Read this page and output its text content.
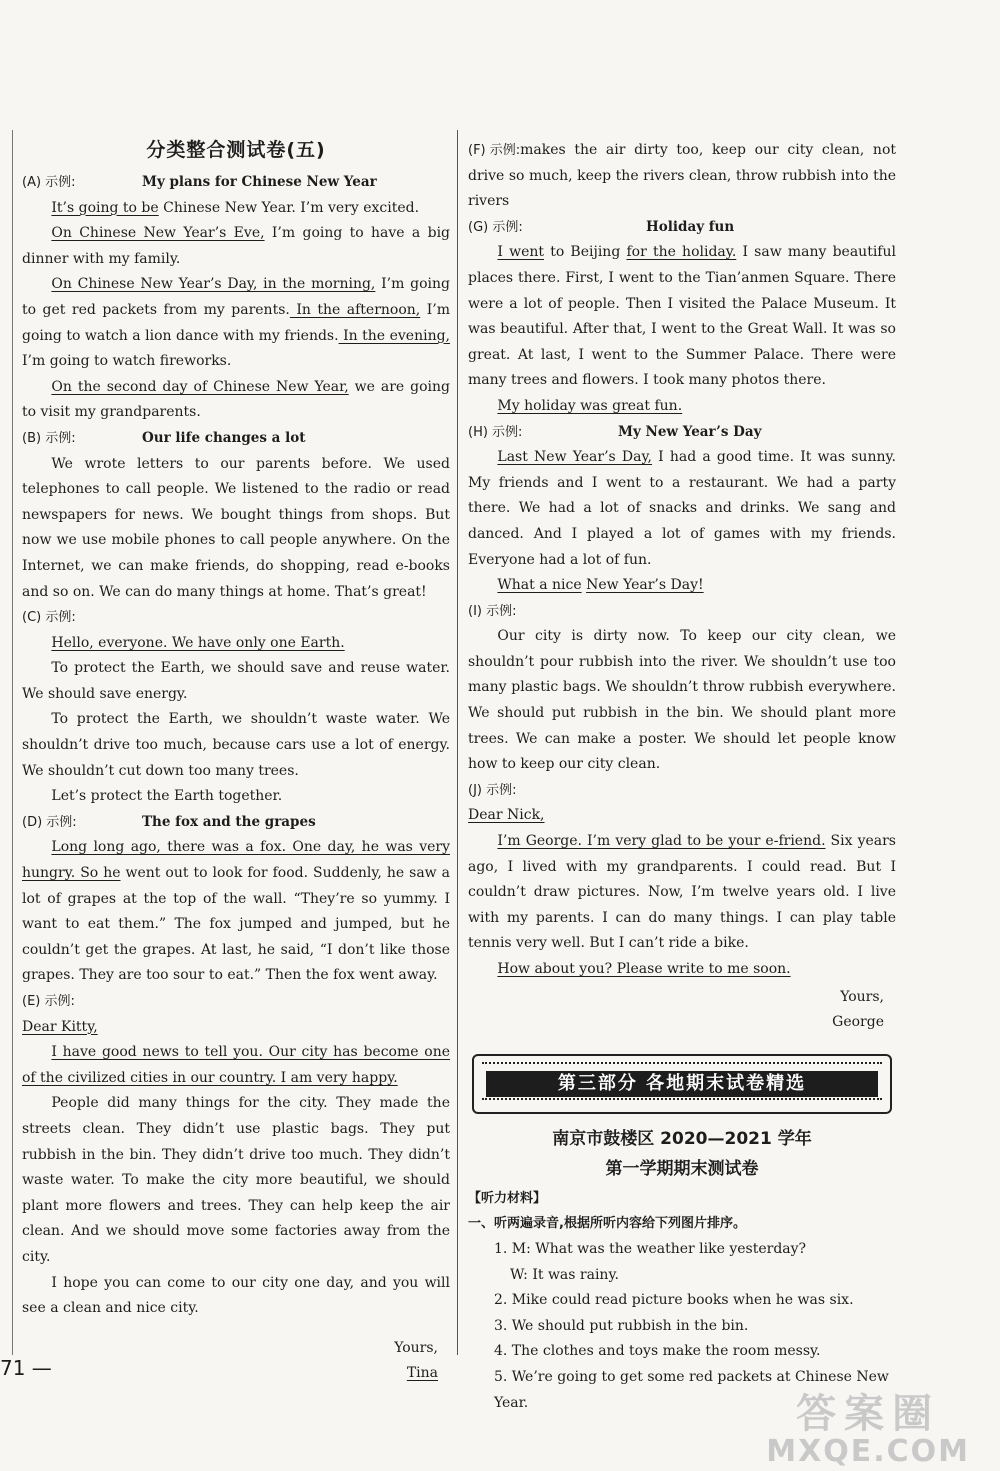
分类整合测试卷(五)
(A) 示例:	My plans for Chinese New Year

It’s going to be Chinese New Year. I’m very excited.

On Chinese New Year’s Eve, I’m going to have a big dinner with my family.

On Chinese New Year’s Day, in the morning, I’m going to get red packets from my parents. In the afternoon, I’m going to watch a lion dance with my friends. In the evening, I’m going to watch fireworks.

On the second day of Chinese New Year, we are going to visit my grandparents.

(B) 示例:	Our life changes a lot

We wrote letters to our parents before. We used telephones to call people. We listened to the radio or read newspapers for news. We bought things from shops. But now we use mobile phones to call people anywhere. On the Internet, we can make friends, do shopping, read e-books and so on. We can do many things at home. That’s great!

(C) 示例:

Hello, everyone. We have only one Earth.

To protect the Earth, we should save and reuse water. We should save energy.

To protect the Earth, we shouldn’t waste water. We shouldn’t drive too much, because cars use a lot of energy. We shouldn’t cut down too many trees.

Let’s protect the Earth together.

(D) 示例:	The fox and the grapes

Long long ago, there was a fox. One day, he was very hungry. So he went out to look for food. Suddenly, he saw a lot of grapes at the top of the wall. “They’re so yummy. I want to eat them.” The fox jumped and jumped, but he couldn’t get the grapes. At last, he said, “I don’t like those grapes. They are too sour to eat.” Then the fox went away.

(E) 示例:

Dear Kitty,

I have good news to tell you. Our city has become one of the civilized cities in our country. I am very happy.

People did many things for the city. They made the streets clean. They didn’t use plastic bags. They put rubbish in the bin. They didn’t drive too much. They didn’t waste water. To make the city more beautiful, we should plant more flowers and trees. They can help keep the air clean. And we should move some factories away from the city.

I hope you can come to our city one day, and you will see a clean and nice city.

Yours,

Tina

(F) 示例:makes the air dirty too, keep our city clean, not drive so much, keep the rivers clean, throw rubbish into the rivers

(G) 示例:	Holiday fun

I went to Beijing for the holiday. I saw many beautiful places there. First, I went to the Tian’anmen Square. There were a lot of people. Then I visited the Palace Museum. It was beautiful. After that, I went to the Great Wall. It was so great. At last, I went to the Summer Palace. There were many trees and flowers. I took many photos there.

My holiday was great fun.

(H) 示例:	My New Year’s Day

Last New Year’s Day, I had a good time. It was sunny. My friends and I went to a restaurant. We had a party there. We had a lot of snacks and drinks. We sang and danced. And I played a lot of games with my friends. Everyone had a lot of fun.

What a nice New Year’s Day!

(I) 示例:

Our city is dirty now. To keep our city clean, we shouldn’t pour rubbish into the river. We shouldn’t use too many plastic bags. We shouldn’t throw rubbish everywhere. We should put rubbish in the bin. We should plant more trees. We can make a poster. We should let people know how to keep our city clean.

(J) 示例:

Dear Nick,

I’m George. I’m very glad to be your e-friend. Six years ago, I lived with my grandparents. I could read. But I couldn’t draw pictures. Now, I’m twelve years old. I live with my parents. I can do many things. I can play table tennis very well. But I can’t ride a bike.

How about you? Please write to me soon.

Yours,

George

第三部分 各地期末试卷精选
南京市鼓楼区 2020—2021 学年
第一学期期末测试卷
【听力材料】
一、听两遍录音,根据所听内容给下列图片排序。
1. M: What was the weather like yesterday?
W: It was rainy.
2. Mike could read picture books when he was six.
3. We should put rubbish in the bin.
4. The clothes and toys make the room messy.
5. We’re going to get some red packets at Chinese New Year.
71 —
答案圈
MXQE.COM
